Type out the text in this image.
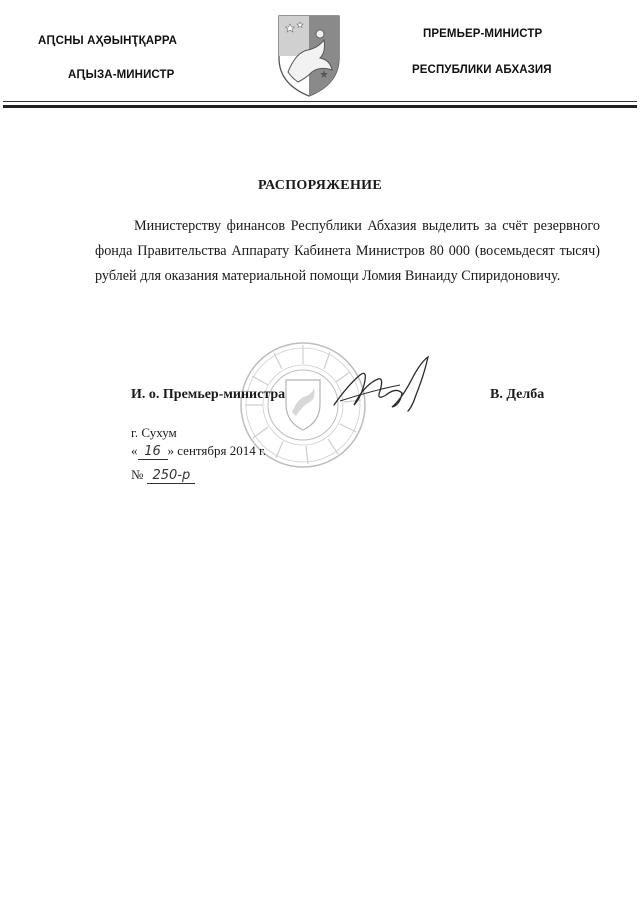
АԤСНЫ АҲӘЫНҬҚАРРА
АԤЫЗА-МИНИСТР
ПРЕМЬЕР-МИНИСТР
РЕСПУБЛИКИ АБХАЗИЯ
РАСПОРЯЖЕНИЕ
Министерству финансов Республики Абхазия выделить за счёт резервного фонда Правительства Аппарату Кабинета Министров 80 000 (восемьдесят тысяч) рублей для оказания материальной помощи Ломия Винаиду Спиридоновичу.
И. о. Премьер-министра	В. Делба
г. Сухум
« 16 » сентября 2014 г.
№ 250-р
